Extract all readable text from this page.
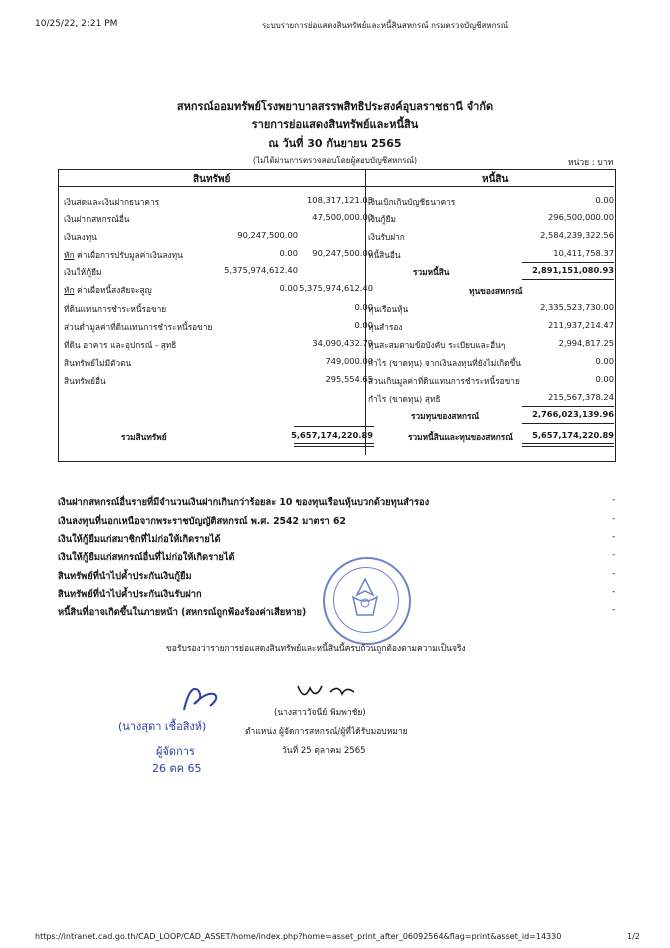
10/25/22, 2:21 PM	ระบบรายการย่อแสดงสินทรัพย์และหนี้สินสหกรณ์ กรมตรวจบัญชีสหกรณ์
สหกรณ์ออมทรัพย์โรงพยาบาลสรรพสิทธิประสงค์อุบลราชธานี จำกัด
รายการย่อแสดงสินทรัพย์และหนี้สิน
ณ วันที่ 30 กันยายน 2565
(ไม่ได้ผ่านการตรวจสอบโดยผู้สอบบัญชีสหกรณ์)	หน่วย : บาท
สินทรัพย์	หนี้สิน
เงินสดและเงินฝากธนาคาร	108,317,121.05
เงินฝากสหกรณ์อื่น	47,500,000.00
เงินลงทุน	90,247,500.00
หัก ค่าเผื่อการปรับมูลค่าเงินลงทุน	0.00	90,247,500.00
เงินให้กู้ยืม	5,375,974,612.40
หัก ค่าเผื่อหนี้สงสัยจะสูญ	0.00 5,375,974,612.40
ที่ดินแทนการชำระหนี้รอขาย	0.00
ส่วนต่ำมูลค่าที่ดินแทนการชำระหนี้รอขาย	0.00
ที่ดิน อาคาร และอุปกรณ์ - สุทธิ	34,090,432.79
สินทรัพย์ไม่มีตัวตน	749,000.00
สินทรัพย์อื่น	295,554.65
เงินเบิกเกินบัญชีธนาคาร	0.00
เงินกู้ยืม	296,500,000.00
เงินรับฝาก	2,584,239,322.56
หนี้สินอื่น	10,411,758.37
รวมหนี้สิน	2,891,151,080.93
ทุนของสหกรณ์
ทุนเรือนหุ้น	2,335,523,730.00
ทุนสำรอง	211,937,214.47
ทุนสะสมตามข้อบังคับ ระเบียบและอื่นๆ	2,994,817.25
กำไร (ขาดทุน) จากเงินลงทุนที่ยังไม่เกิดขึ้น	0.00
ส่วนเกินมูลค่าที่ดินแทนการชำระหนี้รอขาย	0.00
กำไร (ขาดทุน) สุทธิ	215,567,378.24
รวมทุนของสหกรณ์	2,766,023,139.96
รวมสินทรัพย์	5,657,174,220.89	รวมหนี้สินและทุนของสหกรณ์	5,657,174,220.89
เงินฝากสหกรณ์อื่นรายที่มีจำนวนเงินฝากเกินกว่าร้อยละ 10 ของทุนเรือนหุ้นบวกด้วยทุนสำรอง	-
เงินลงทุนที่นอกเหนือจากพระราชบัญญัติสหกรณ์ พ.ศ. 2542 มาตรา 62	-
เงินให้กู้ยืมแก่สมาชิกที่ไม่ก่อให้เกิดรายได้	-
เงินให้กู้ยืมแก่สหกรณ์อื่นที่ไม่ก่อให้เกิดรายได้	-
สินทรัพย์ที่นำไปค้ำประกันเงินกู้ยืม	-
สินทรัพย์ที่นำไปค้ำประกันเงินรับฝาก	-
หนี้สินที่อาจเกิดขึ้นในภายหน้า (สหกรณ์ถูกฟ้องร้องค่าเสียหาย)	-
ขอรับรองว่ารายการย่อแสดงสินทรัพย์และหนี้สินนี้ครบถ้วนถูกต้องตามความเป็นจริง
(นางสาววัจนีย์ พิมพาชัย)
ตำแหน่ง ผู้จัดการสหกรณ์/ผู้ที่ได้รับมอบหมาย
วันที่ 25 ตุลาคม 2565
(นางสุดา เชื้อสิงห์)
ผู้จัดการ
26 ตค 65
https://intranet.cad.go.th/CAD_LOOP/CAD_ASSET/home/index.php?home=asset_print_after_06092564&flag=print&asset_id=14330	1/2
